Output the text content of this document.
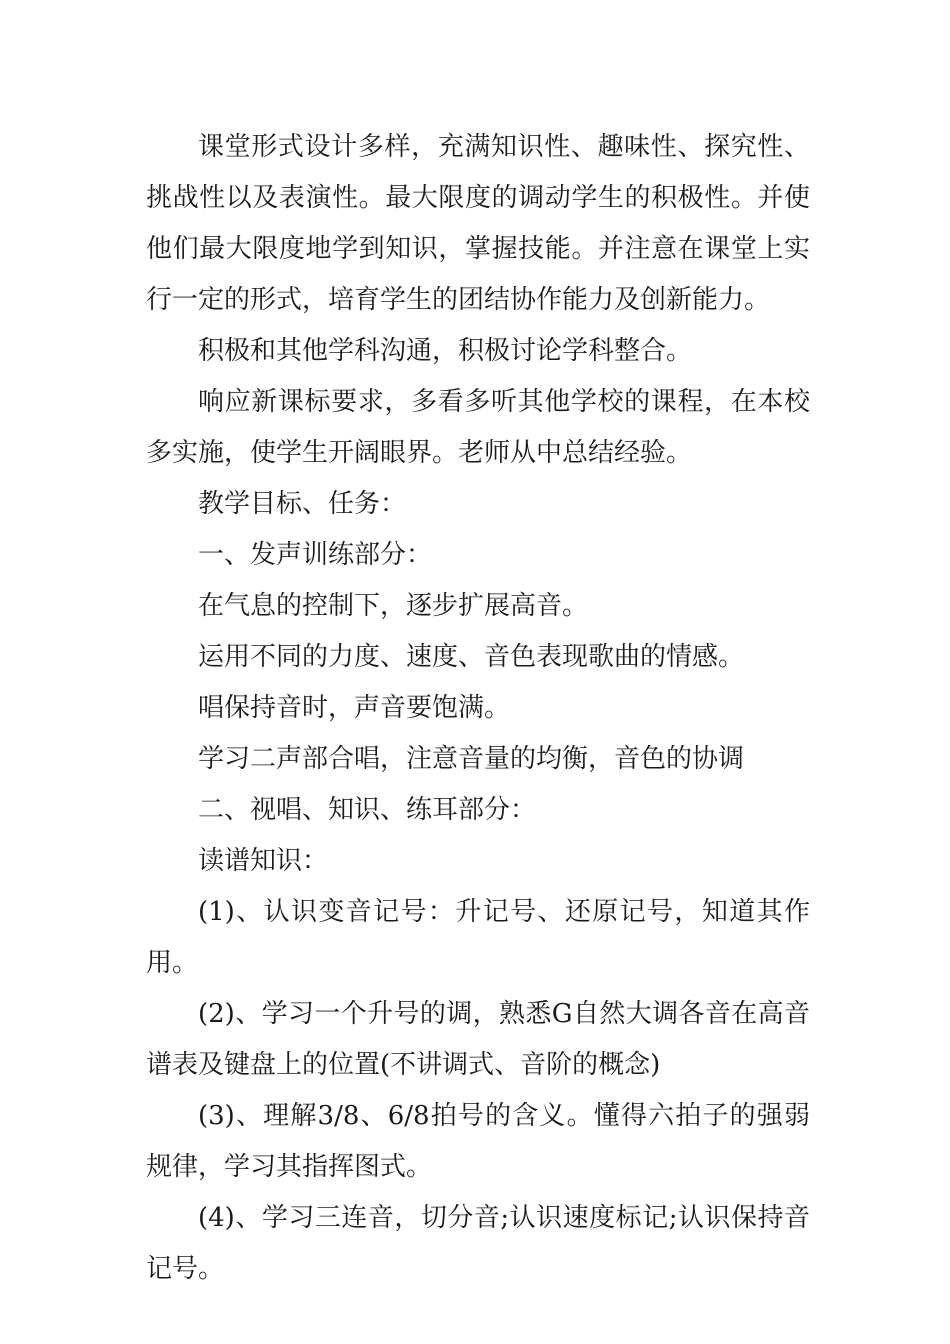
课堂形式设计多样，充满知识性、趣味性、探究性、挑战性以及表演性。最大限度的调动学生的积极性。并使他们最大限度地学到知识，掌握技能。并注意在课堂上实行一定的形式，培育学生的团结协作能力及创新能力。

积极和其他学科沟通，积极讨论学科整合。

响应新课标要求，多看多听其他学校的课程，在本校多实施，使学生开阔眼界。老师从中总结经验。

教学目标、任务：

一、发声训练部分：

在气息的控制下，逐步扩展高音。

运用不同的力度、速度、音色表现歌曲的情感。

唱保持音时，声音要饱满。

学习二声部合唱，注意音量的均衡，音色的协调

二、视唱、知识、练耳部分：

读谱知识：

(1)、认识变音记号：升记号、还原记号，知道其作用。

(2)、学习一个升号的调，熟悉G自然大调各音在高音谱表及键盘上的位置(不讲调式、音阶的概念)

(3)、理解3/8、6/8拍号的含义。懂得六拍子的强弱规律，学习其指挥图式。

(4)、学习三连音，切分音;认识速度标记;认识保持音记号。
